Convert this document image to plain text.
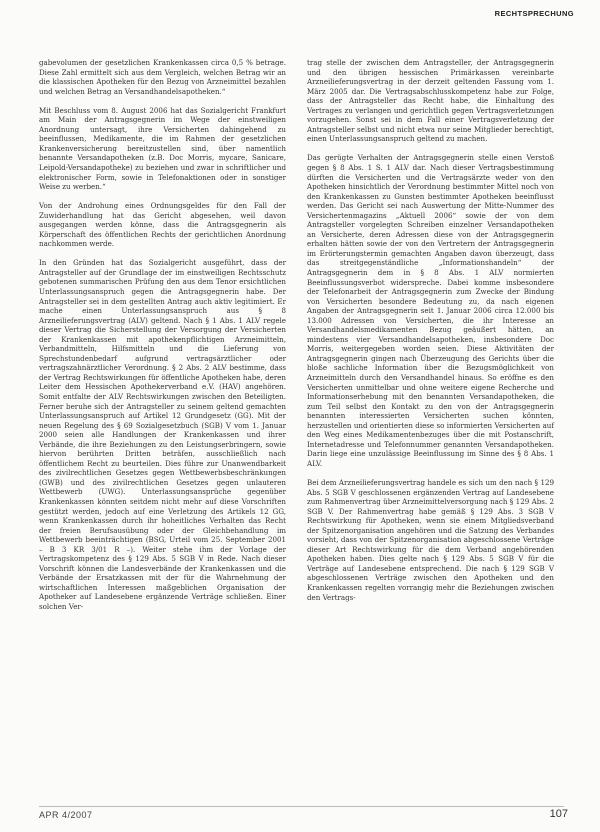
RECHTSPRECHUNG

gabevolumen der gesetzlichen Krankenkassen circa 0,5 % betrage. Diese Zahl ermittelt sich aus dem Vergleich, welchen Betrag wir an die klassischen Apotheken für den Bezug von Arzneimittel bezahlen und welchen Betrag an Versandhandelsapotheken.“

Mit Beschluss vom 8. August 2006 hat das Sozialgericht Frankfurt am Main der Antragsgegnerin im Wege der einstweiligen Anordnung untersagt, ihre Versicherten dahingehend zu beeinflussen, Medikamente, die im Rahmen der gesetzlichen Krankenversicherung bereitzustellen sind, über namentlich benannte Versandapotheken (z.B. Doc Morris, mycare, Sanicare, Leipold-Versandapotheke) zu beziehen und zwar in schriftlicher und elektronischer Form, sowie in Telefonaktionen oder in sonstiger Weise zu werben.“

Von der Androhung eines Ordnungsgeldes für den Fall der Zuwiderhandlung hat das Gericht abgesehen, weil davon ausgegangen werden könne, dass die Antragsgegnerin als Körperschaft des öffentlichen Rechts der gerichtlichen Anordnung nachkommen werde.

In den Gründen hat das Sozialgericht ausgeführt, dass der Antragsteller auf der Grundlage der im einstweiligen Rechtsschutz gebotenen summarischen Prüfung den aus dem Tenor ersichtlichen Unterlassungsanspruch gegen die Antragsgegnerin habe. Der Antragsteller sei in dem gestellten Antrag auch aktiv legitimiert. Er mache einen Unterlassungsanspruch aus § 8 Arzneilieferungsvertrag (ALV) geltend. Nach § 1 Abs. 1 ALV regele dieser Vertrag die Sicherstellung der Versorgung der Versicherten der Krankenkassen mit apothekenpflichtigen Arzneimitteln, Verbandmitteln, Hilfsmitteln und die Lieferung von Sprechstundenbedarf aufgrund vertragsärztlicher oder vertragszahnärztlicher Verordnung. § 2 Abs. 2 ALV bestimme, dass der Vertrag Rechtswirkungen für öffentliche Apotheken habe, deren Leiter dem Hessischen Apothekerverband e.V. (HAV) angehören. Somit entfalte der ALV Rechtswirkungen zwischen den Beteiligten. Ferner beruhe sich der Antragsteller zu seinem geltend gemachten Unterlassungsanspruch auf Artikel 12 Grundgesetz (GG). Mit der neuen Regelung des § 69 Sozialgesetzbuch (SGB) V vom 1. Januar 2000 seien alle Handlungen der Krankenkassen und ihrer Verbände, die ihre Beziehungen zu den Leistungserbringern, sowie hiervon berührten Dritten beträfen, ausschließlich nach öffentlichem Recht zu beurteilen. Dies führe zur Unanwendbarkeit des zivilrechtlichen Gesetzes gegen Wettbewerbsbeschränkungen (GWB) und des zivilrechtlichen Gesetzes gegen unlauteren Wettbewerb (UWG). Unterlassungsansprüche gegenüber Krankenkassen könnten seitdem nicht mehr auf diese Vorschriften gestützt werden, jedoch auf eine Verletzung des Artikels 12 GG, wenn Krankenkassen durch ihr hoheitliches Verhalten das Recht der freien Berufsausübung oder der Gleichbehandlung im Wettbewerb beeinträchtigen (BSG, Urteil vom 25. September 2001 – B 3 KR 3/01 R –). Weiter stehe ihm der Vorlage der Vertragskompetenz des § 129 Abs. 5 SGB V in Rede. Nach dieser Vorschrift können die Landesverbände der Krankenkassen und die Verbände der Ersatzkassen mit der für die Wahrnehmung der wirtschaftlichen Interessen maßgeblichen Organisation der Apotheker auf Landesebene ergänzende Verträge schließen. Einer solchen Ver-

trag stelle der zwischen dem Antragsteller, der Antragsgegnerin und den übrigen hessischen Primärkassen vereinbarte Arzneilieferungsvertrag in der derzeit geltenden Fassung vom 1. März 2005 dar. Die Vertragsabschlusskompetenz habe zur Folge, dass der Antragsteller das Recht habe, die Einhaltung des Vertrages zu verlangen und gerichtlich gegen Vertragsverletzungen vorzugehen. Sonst sei in dem Fall einer Vertragsverletzung der Antragsteller selbst und nicht etwa nur seine Mitglieder berechtigt, einen Unterlassungsanspruch geltend zu machen.

Das gerügte Verhalten der Antragsgegnerin stelle einen Verstoß gegen § 8 Abs. 1 S. 1 ALV dar. Nach dieser Vertragsbestimmung dürften die Versicherten und die Vertragsärzte weder von den Apotheken hinsichtlich der Verordnung bestimmter Mittel noch von den Krankenkassen zu Gunsten bestimmter Apotheken beeinflusst werden. Das Gericht sei nach Auswertung der Mitte-Nummer des Versichertenmagazins „Aktuell 2006“ sowie der von dem Antragsteller vorgelegten Schreiben einzelner Versandapotheken an Versicherte, deren Adressen diese von der Antragsgegnerin erhalten hätten sowie der von den Vertretern der Antragsgegnerin im Erörterungstermin gemachten Angaben davon überzeugt, dass das streitgegenständliche „Informationshandeln“ der Antragsgegnerin dem in § 8 Abs. 1 ALV normierten Beeinflussungsverbot widerspreche. Dabei komme insbesondere der Telefonarbeit der Antragsgegnerin zum Zwecke der Bindung von Versicherten besondere Bedeutung zu, da nach eigenen Angaben der Antragsgegnerin seit 1. Januar 2006 circa 12.000 bis 13.000 Adressen von Versicherten, die ihr Interesse an Versandhandelsmedikamenten Bezug geäußert hätten, an mindestens vier Versandhandelsapotheken, insbesondere Doc Morris, weitergegeben worden seien. Diese Aktivitäten der Antragsgegnerin gingen nach Überzeugung des Gerichts über die bloße sachliche Information über die Bezugsmöglichkeit von Arzneimitteln durch den Versandhandel hinaus. So eröffne es den Versicherten unmittelbar und ohne weitere eigene Recherche und Informationserhebung mit den benannten Versandapotheken, die zum Teil selbst den Kontakt zu den von der Antragsgegnerin benannten interessierten Versicherten suchen könnten, herzustellen und orientierten diese so informierten Versicherten auf den Weg eines Medikamentenbezuges über die mit Postanschrift, Internetadresse und Telefonnummer genannten Versandapotheken. Darin liege eine unzulässige Beeinflussung im Sinne des § 8 Abs. 1 ALV.

Bei dem Arzneilieferungsvertrag handele es sich um den nach § 129 Abs. 5 SGB V geschlossenen ergänzenden Vertrag auf Landesebene zum Rahmenvertrag über Arzneimittelversorgung nach § 129 Abs. 2 SGB V. Der Rahmenvertrag habe gemäß § 129 Abs. 3 SGB V Rechtswirkung für Apotheken, wenn sie einem Mitgliedsverband der Spitzenorganisation angehören und die Satzung des Verbandes vorsieht, dass von der Spitzenorganisation abgeschlossene Verträge dieser Art Rechtswirkung für die dem Verband angehörenden Apotheken haben. Dies gelte nach § 129 Abs. 5 SGB V für die Verträge auf Landesebene entsprechend. Die nach § 129 SGB V abgeschlossenen Verträge zwischen den Apotheken und den Krankenkassen regelten vorrangig mehr die Beziehungen zwischen den Vertrags-

APR 4/2007	107
